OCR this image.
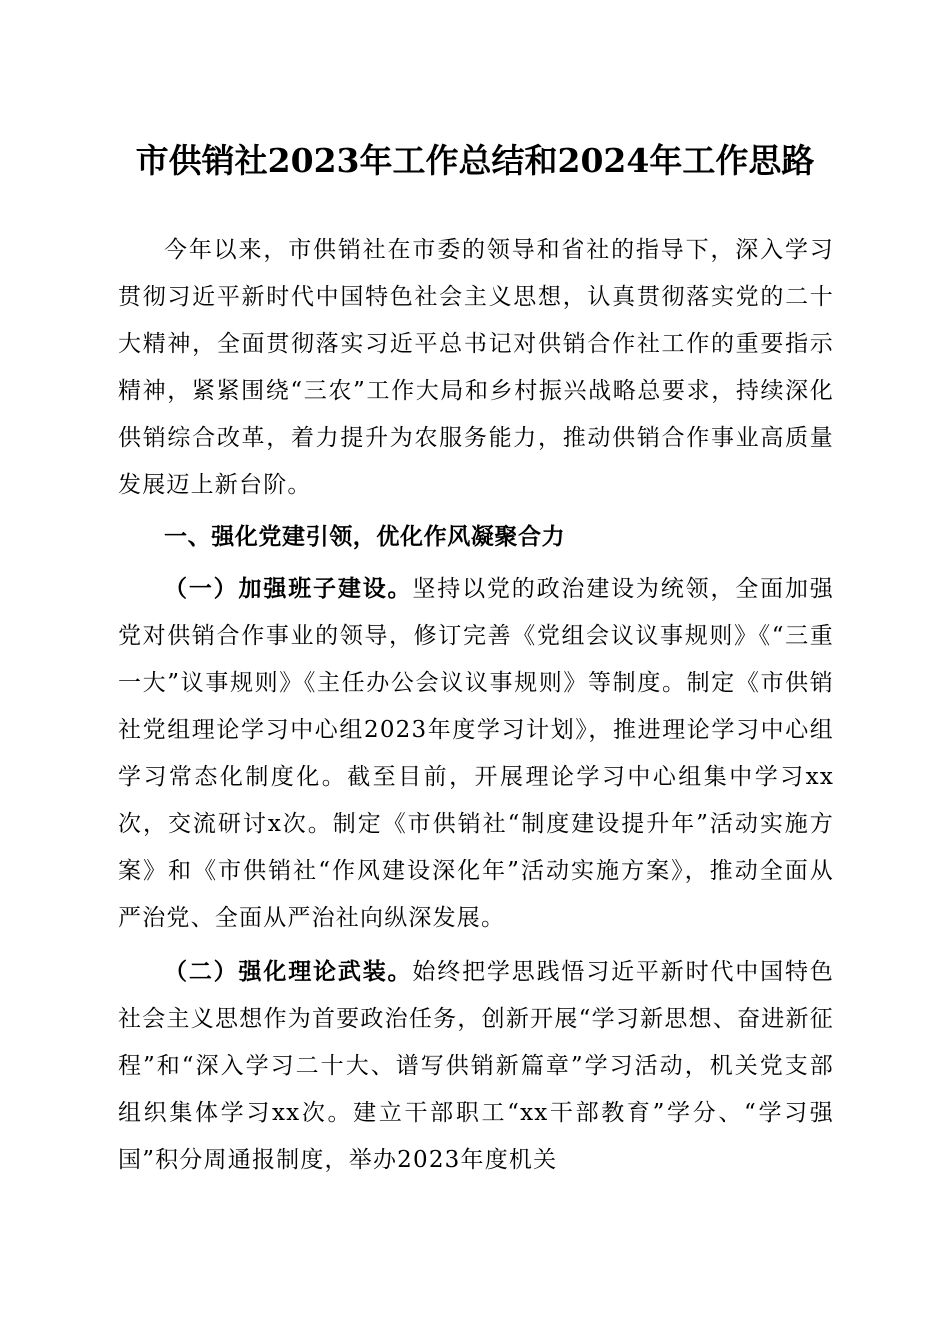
市供销社2023年工作总结和2024年工作思路

今年以来，市供销社在市委的领导和省社的指导下，深入学习贯彻习近平新时代中国特色社会主义思想，认真贯彻落实党的二十大精神，全面贯彻落实习近平总书记对供销合作社工作的重要指示精神，紧紧围绕“三农”工作大局和乡村振兴战略总要求，持续深化供销综合改革，着力提升为农服务能力，推动供销合作事业高质量发展迈上新台阶。

一、强化党建引领，优化作风凝聚合力

（一）加强班子建设。坚持以党的政治建设为统领，全面加强党对供销合作事业的领导，修订完善《党组会议议事规则》《“三重一大”议事规则》《主任办公会议议事规则》等制度。制定《市供销社党组理论学习中心组2023年度学习计划》，推进理论学习中心组学习常态化制度化。截至目前，开展理论学习中心组集中学习xx次，交流研讨x次。制定《市供销社“制度建设提升年”活动实施方案》和《市供销社“作风建设深化年”活动实施方案》，推动全面从严治党、全面从严治社向纵深发展。

（二）强化理论武装。始终把学思践悟习近平新时代中国特色社会主义思想作为首要政治任务，创新开展“学习新思想、奋进新征程”和“深入学习二十大、谱写供销新篇章”学习活动，机关党支部组织集体学习xx次。建立干部职工“xx干部教育”学分、“学习强国”积分周通报制度，举办2023年度机关
